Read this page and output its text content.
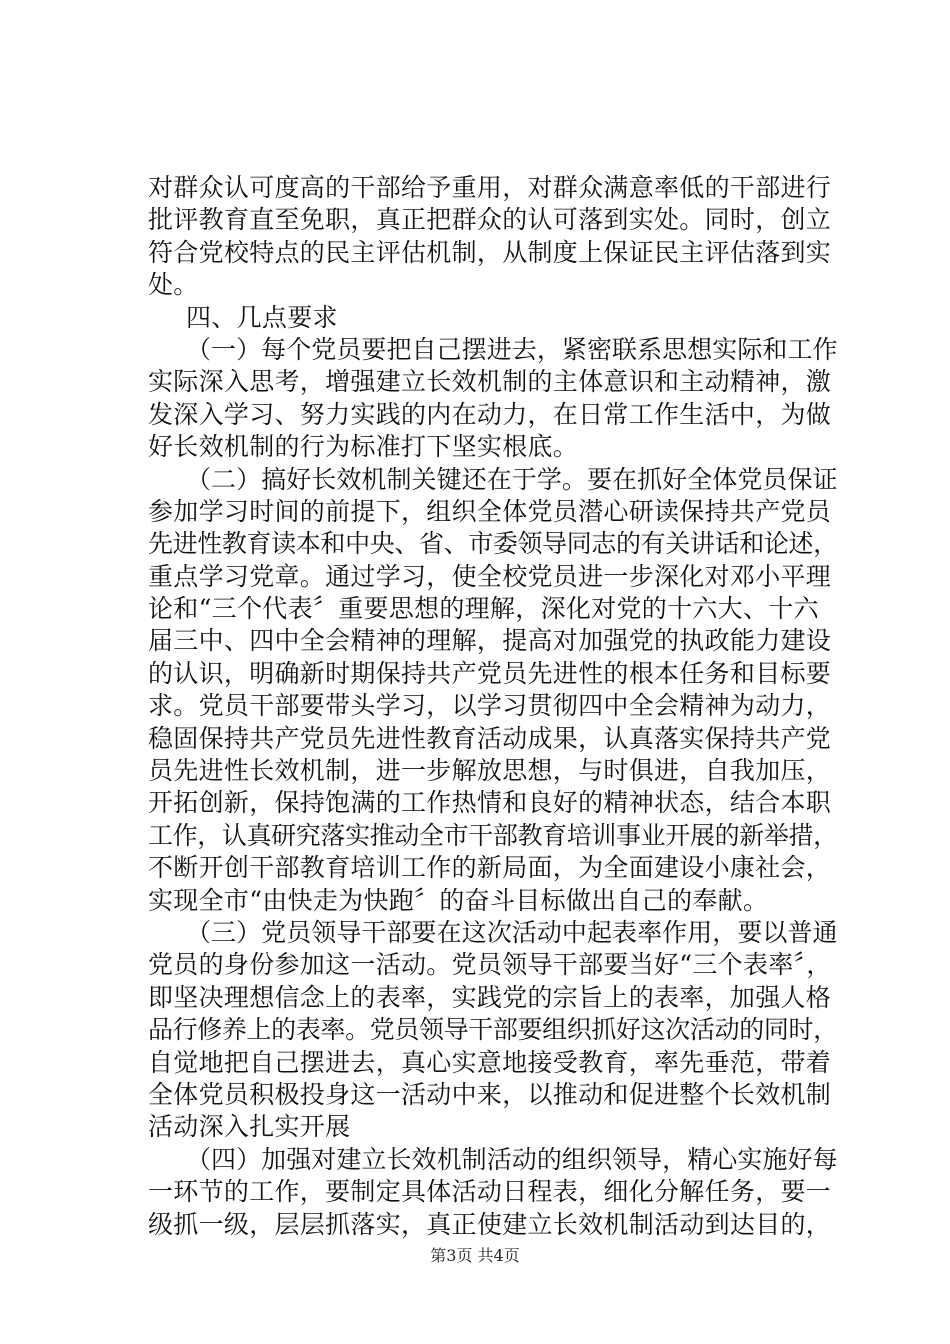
对群众认可度高的干部给予重用，对群众满意率低的干部进行
批评教育直至免职，真正把群众的认可落到实处。同时，创立
符合党校特点的民主评估机制，从制度上保证民主评估落到实
处。
四、几点要求
（一）每个党员要把自己摆进去，紧密联系思想实际和工作
实际深入思考，增强建立长效机制的主体意识和主动精神，激
发深入学习、努力实践的内在动力，在日常工作生活中，为做
好长效机制的行为标准打下坚实根底。
（二）搞好长效机制关键还在于学。要在抓好全体党员保证
参加学习时间的前提下，组织全体党员潜心研读保持共产党员
先进性教育读本和中央、省、市委领导同志的有关讲话和论述，
重点学习党章。通过学习，使全校党员进一步深化对邓小平理
论和“三个代表〞重要思想的理解，深化对党的十六大、十六
届三中、四中全会精神的理解，提高对加强党的执政能力建设
的认识，明确新时期保持共产党员先进性的根本任务和目标要
求。党员干部要带头学习，以学习贯彻四中全会精神为动力，
稳固保持共产党员先进性教育活动成果，认真落实保持共产党
员先进性长效机制，进一步解放思想，与时俱进，自我加压，
开拓创新，保持饱满的工作热情和良好的精神状态，结合本职
工作，认真研究落实推动全市干部教育培训事业开展的新举措，
不断开创干部教育培训工作的新局面，为全面建设小康社会，
实现全市“由快走为快跑〞的奋斗目标做出自己的奉献。
（三）党员领导干部要在这次活动中起表率作用，要以普通
党员的身份参加这一活动。党员领导干部要当好“三个表率〞，
即坚决理想信念上的表率，实践党的宗旨上的表率，加强人格
品行修养上的表率。党员领导干部要组织抓好这次活动的同时，
自觉地把自己摆进去，真心实意地接受教育，率先垂范，带着
全体党员积极投身这一活动中来，以推动和促进整个长效机制
活动深入扎实开展
（四）加强对建立长效机制活动的组织领导，精心实施好每
一环节的工作，要制定具体活动日程表，细化分解任务，要一
级抓一级，层层抓落实，真正使建立长效机制活动到达目的，
第3页 共4页
